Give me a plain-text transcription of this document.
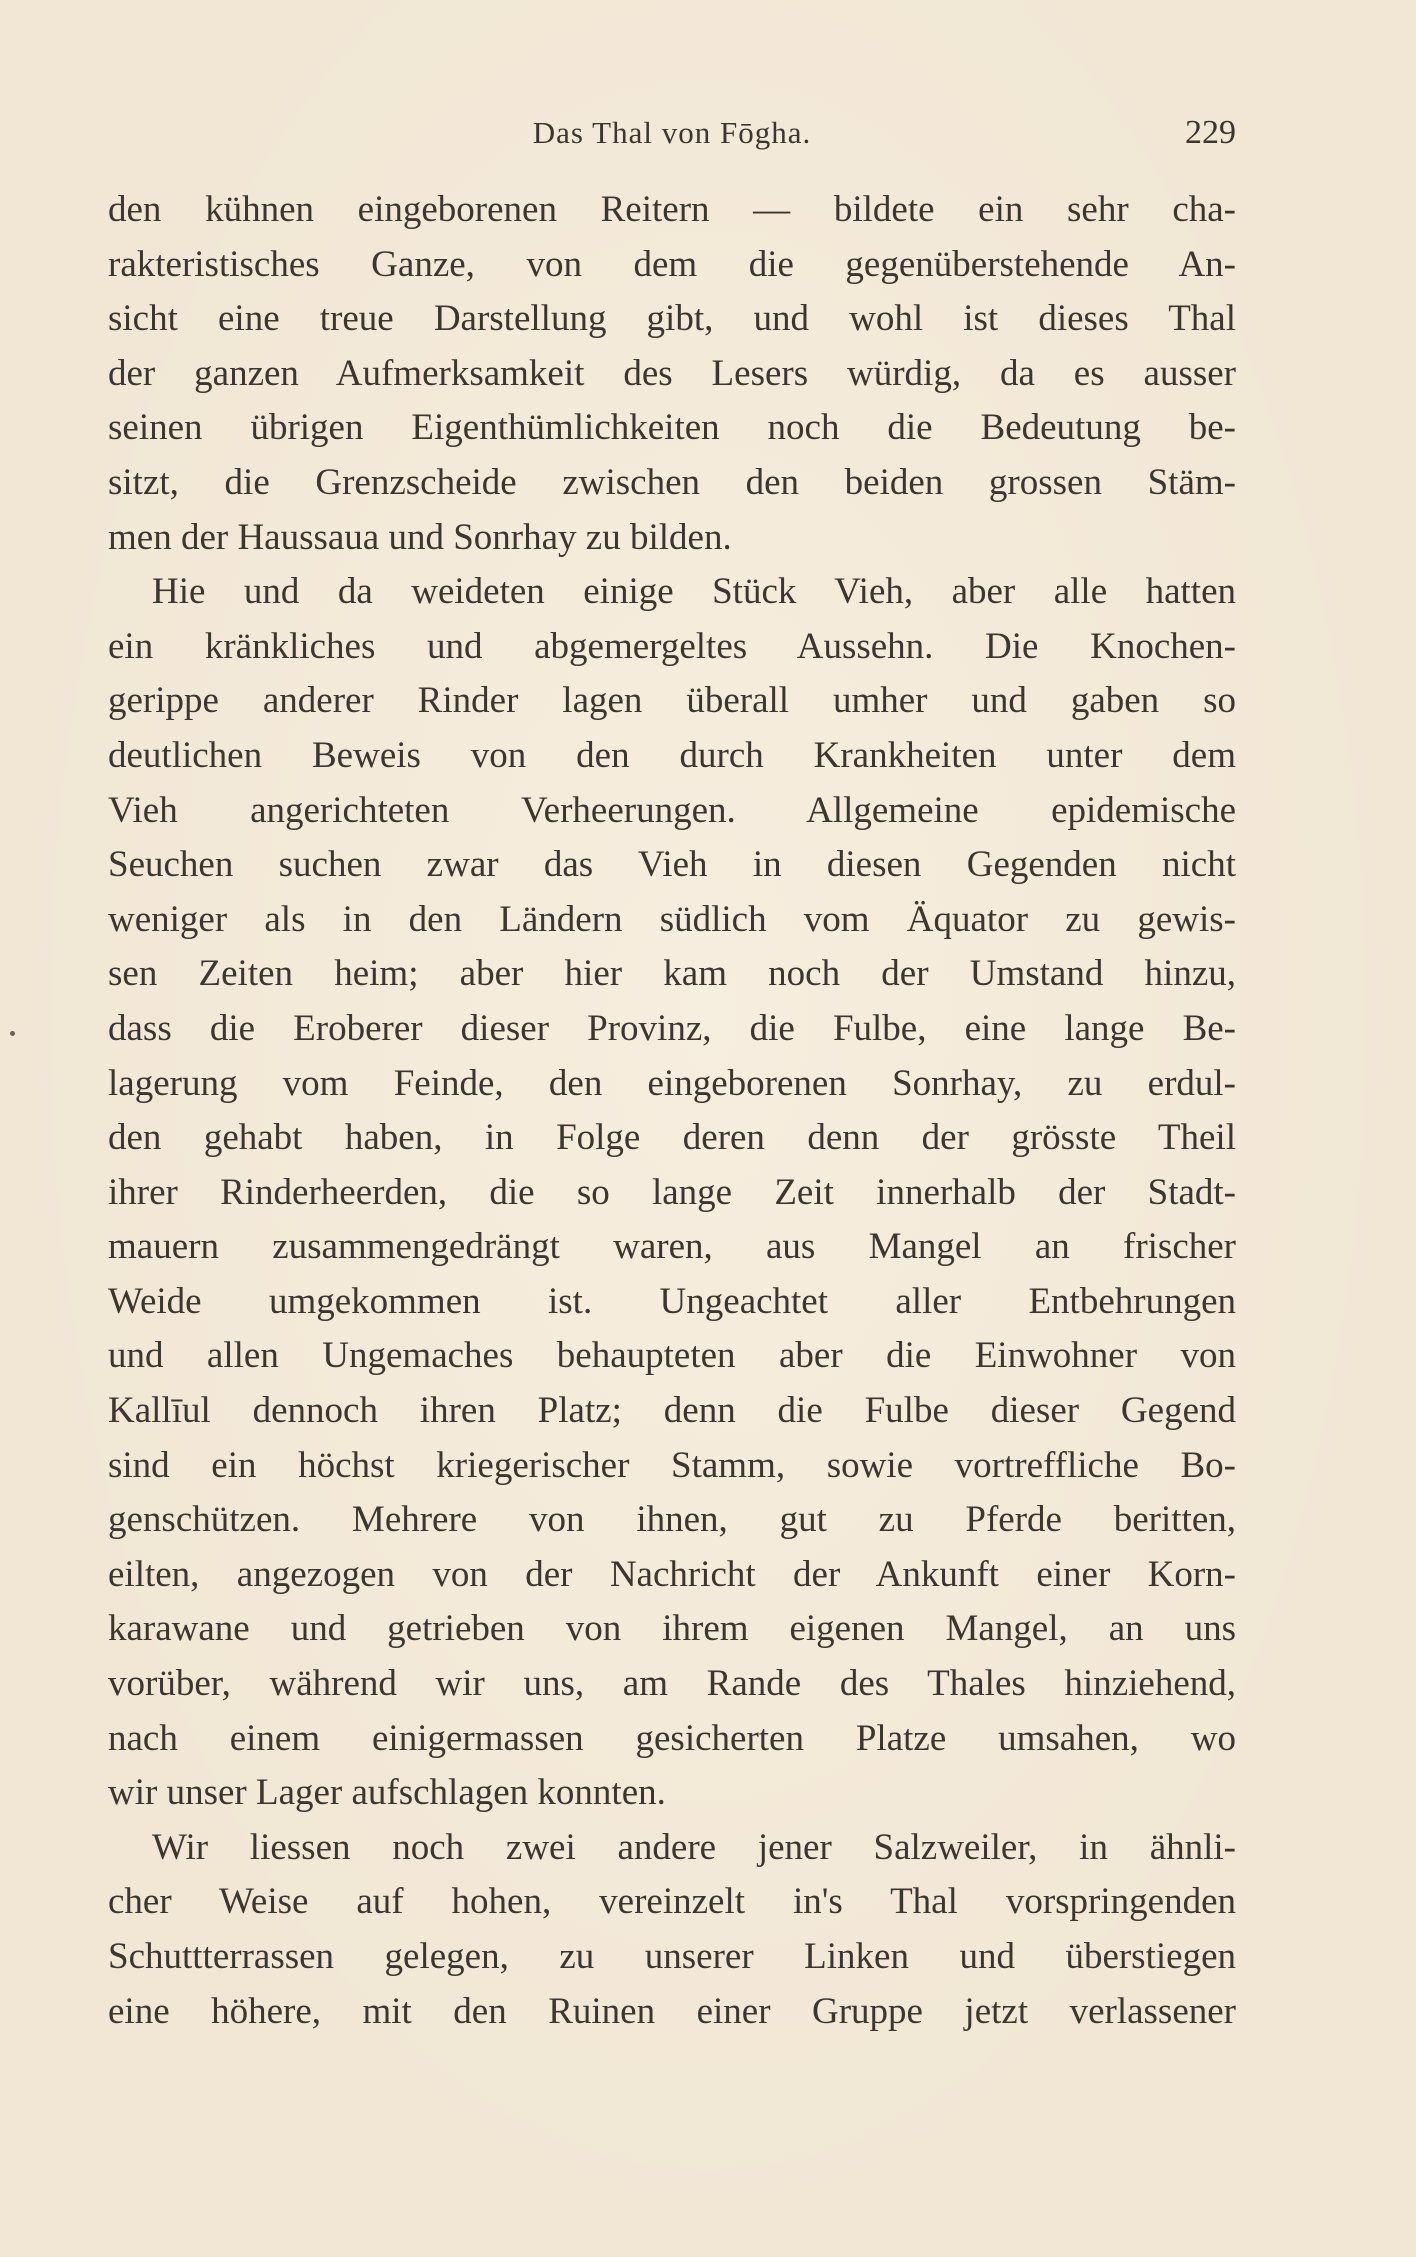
Das Thal von Fōgha.	229
den kühnen eingeborenen Reitern — bildete ein sehr cha-
rakteristisches Ganze, von dem die gegenüberstehende An-
sicht eine treue Darstellung gibt, und wohl ist dieses Thal
der ganzen Aufmerksamkeit des Lesers würdig, da es ausser
seinen übrigen Eigenthümlichkeiten noch die Bedeutung be-
sitzt, die Grenzscheide zwischen den beiden grossen Stäm-
men der Haussaua und Sonrhay zu bilden.
Hie und da weideten einige Stück Vieh, aber alle hatten
ein kränkliches und abgemergeltes Aussehn. Die Knochen-
gerippe anderer Rinder lagen überall umher und gaben so
deutlichen Beweis von den durch Krankheiten unter dem
Vieh angerichteten Verheerungen. Allgemeine epidemische
Seuchen suchen zwar das Vieh in diesen Gegenden nicht
weniger als in den Ländern südlich vom Äquator zu gewis-
sen Zeiten heim; aber hier kam noch der Umstand hinzu,
dass die Eroberer dieser Provinz, die Fulbe, eine lange Be-
lagerung vom Feinde, den eingeborenen Sonrhay, zu erdul-
den gehabt haben, in Folge deren denn der grösste Theil
ihrer Rinderheerden, die so lange Zeit innerhalb der Stadt-
mauern zusammengedrängt waren, aus Mangel an frischer
Weide umgekommen ist. Ungeachtet aller Entbehrungen
und allen Ungemaches behaupteten aber die Einwohner von
Kallīul dennoch ihren Platz; denn die Fulbe dieser Gegend
sind ein höchst kriegerischer Stamm, sowie vortreffliche Bo-
genschützen. Mehrere von ihnen, gut zu Pferde beritten,
eilten, angezogen von der Nachricht der Ankunft einer Korn-
karawane und getrieben von ihrem eigenen Mangel, an uns
vorüber, während wir uns, am Rande des Thales hinziehend,
nach einem einigermassen gesicherten Platze umsahen, wo
wir unser Lager aufschlagen konnten.
Wir liessen noch zwei andere jener Salzweiler, in ähnli-
cher Weise auf hohen, vereinzelt in's Thal vorspringenden
Schuttterrassen gelegen, zu unserer Linken und überstiegen
eine höhere, mit den Ruinen einer Gruppe jetzt verlassener
